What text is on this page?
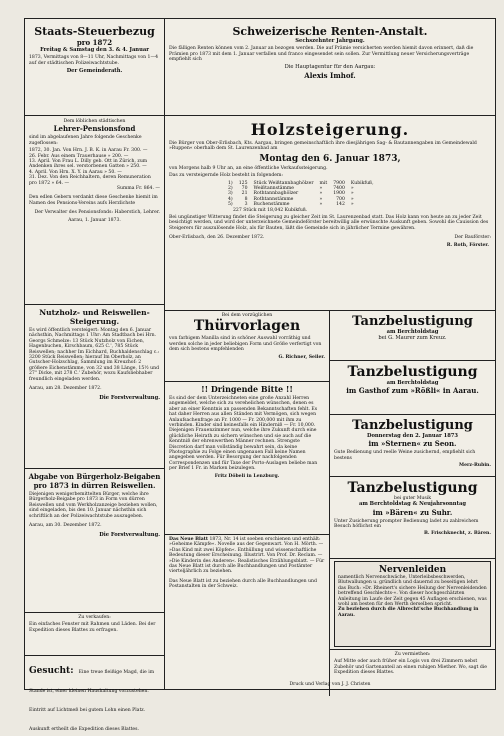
Staats-Steuerbezug
pro 1872
Freitag & Samstag den 3. & 4. Januar
1873, Vermittags von 8—11 Uhr, Nachmittags von 1—4 auf der städtischen Polizeiwachtstube.
Der Gemeinderath.
Dem löblichen städtischen
Lehrer-Pensionsfond
sind im abgelaufenen Jahre folgende Geschenke zugeflossen:
1872, 30. Jan. Von Hrn. J. B. K. in Aarau Fr. 300. —
26. Febr. Aus einem Trauerhause » 200. —
13. April. Von Frau L. Dilly geb. Ott in Zürich, zum Andenken ihres sel. verstorbenen Gatten » 250. —
4. April. Von Hrn. X. Y. in Aarau » 50. —
31. Dez. Von den Reichhaltern, deren Remuneration pro 1872 » 64. —
Summa Fr. 864. —
Den edlen Gebern verdankt diese Geschenke hiemit im Namen des Pensions-Vereins aufs Herzlichste
Der Verwalter des Pensionsfonds: Haberstich, Lehrer.
Aarau, 1. Januar 1873.
Nutzholz- und Reiswellen-Steigerung.
Es wird öffentlich versteigert: Montag den 6. Januar nächsthin, Nachmittags 1 Uhr: Am Stadtbach bei Hrn. Georgs Schmelze: 13 Stück Nutzholz von Eichen, Hagenbuchen, Kirschbaum, 625 C.', 785 Stück Reiswellen; nachher Im Eichhard, Buchhaldenschlag c.: 3200 Stück Reiswellen; hierauf Im Oberholz, an Gutscher-Holzschlag, Sammlung im Kreuzhof: 2 größere Eichenstämme, von 32 und 38 Länge, 15½ und 27" Dicke, mit 278 C.' Zubehör, wozu Kaufsliebhaber freundlich eingeladen werden.
Aarau, am 28. Dezember 1872.
Die Forstverwaltung.
Abgabe von Bürgerholz-Beigaben pro 1873 in dürren Reiswellen.
Diejenigen wenigerbemittelten Bürger, welche ihre Bürgerholz-Beigabe pro 1873 in Form von dürren Reiswellen und vom Werkholzanzeige beziehen wollen, sind eingeladen, bis den 10. Januar nächsthin sich schriftlich an der Polizeiwachtstube auszugeben.
Aarau, am 30. Dezember 1872.
Die Forstverwaltung.
Zu verkaufen:
Ein einfaches Fenster mit Rahmen und Läden. Bei der Expedition dieses Blattes zu erfragen.
Gesucht: Eine treue fleißige Magd, die im Stande ist, einer kleinen Haushaltung vorzustehen. Eintritt auf Lichtmeß bei gutem Lohn einen Platz. Auskunft ertheilt die Expedition dieses Blattes.
Schweizerische Renten-Anstalt.
Sechszehnter Jahrgang.
Die fälligen Renten können vom 2. Januar an bezogen werden. Die auf Prämie versicherten werden hiemit davon erinnert, daß die Prämien pro 1873 mit dem 1. Januar verfallen und franco eingesendet sein sollen. Zur Vermittlung neuer Versicherungsverträge empfiehlt sich
Die Hauptagentur für den Aargau:
Alexis Imhof.
Holzsteigerung.
Die Bürger von Ober-Erlisbach, Kts. Aargau, bringen gemeinschaftlich ihre diesjährigen Sag- & Bautannengaben im Gemeindewald »Ruppen« oberhalb dem St. Laurenzenbad am
Montag den 6. Januar 1873,
von Morgens halb 9 Uhr an, an eine öffentliche Verkaufssteigerung.
Das zu versteigernde Holz besteht in folgendem:
1)	125	Stück Weißtannbaghölzer	mit	7900	Kubikfuß,
2)	70	Weißtannstämme	»	7400	»
3)	21	Rothtannbaghölzer	»	1900	»
4)	8	Rothtannstämme	»	700	»
5)	3	Buchenstämme	»	142	»
227 Stück mit 18,042 Kubikfuß.
Bei ungünstiger Witterung findet die Steigerung zu gleicher Zeit im St. Laurenzenbad statt. Das Holz kann von heute an zu jeder Zeit besichtigt werden, und wird der unterzeichnete Gemeindeförster bereitwillig alle erwünschte Auskunft geben. Sowohl die Cauission des Steigerers für auszulösende Holz, als für Bauten, läßt die Gemeinde sich in jährlicher Termine gewähren.
Ober-Erlisbach, den 26. Dezember 1872.	Der Bauförster:
R. Roth, Förster.
Bei dem vorzüglichen
Thürvorlagen
von farbigem Manilla sind in schöner Auswahl vorräthig und werden solche in jeder beliebigen Form und Größe verfertigt von dem sich bestens empfehlenden
G. Richner, Seiler.
!! Dringende Bitte !!
Es sind der dem Unterzeichneten eine große Anzahl Herren angemeldet, welche sich zu verehelichen wünschen, denen es aber an einer Kenntnis an passenden Bekanntschaften fehlt. Es hat daher Herren aus allen Ständen mit Vermögen, sich wegen Anlaufsachenfrage an Fr. 1000 — Fr. 200,000 mit ihm zu verbinden. Kinder sind keinesfalls ein Hinderniß — Fr. 10,000. Diejenigen Frauenzimmer nun, welche ihre Zukunft durch eine glückliche Heirath zu sichern wünschen und sie auch auf die Kenntniß der ehrenwerthen Männer rechnen. Strengste Discretion darf man vollständig bewahrt sein, da keine Photographie zu Folge einen ungenauen Fall keine Namen angegeben werden. Für Besorgung der nachfolgenden Correspondenzen und für Taxe der Porto-Auslagen beliebe man per Brief 1 Fr. in Marken beizulegen.
Fritz Döbeli in Lenzburg.
Das Neue Blatt 1873, Nr. 14 ist soeben erschienen und enthält: »Geheime Kämpfe«. Novelle aus der Gegenwart. Von H. Mörth. — »Das Kind mit zwei Köpfen«. Enthüllung und wissenschaftliche Bedeutung dieser Erscheinung. Illustrirt. Von Prof. Dr. Reclam. — »Die Kinderin des Anderen«. Realistisches Erzählungsblatt. — Für das Neue Blatt ist durch alle Buchhandlungen und Postämter vierteljährlich zu beziehen.
Das Neue Blatt ist zu beziehen durch alle Buchhandlungen und Postanstalten in der Schweiz.
Tanzbelustigung
am Berchtoldstag
bei G. Maurer zum Kreuz.
Tanzbelustigung
am Berchtoldstag
im Gasthof zum »Rößli« in Aarau.
Tanzbelustigung
Donnerstag den 2. Januar 1873
im »Sternen« zu Seon.
Gute Bedienung und reelle Weine zusichernd, empfiehlt sich bestens
Merz-Rubin.
Tanzbelustigung
bei guter Musik
am Berchtoldstag & Neujahrsonntag
im »Bären« zu Suhr.
Unter Zusicherung prompter Bedienung ladet zu zahlreichem Besuch höflichst ein
B. Frischknecht, z. Bären.
Nervenleiden
namentlich Nervenschwäche, Unterleibsbeschwerden, Blutwallungen u. gründlich und dauernd zu beseitigen lehrt das Buch: »Dr. Rheinert's sichere Heilung der Nervenleidenden betreffend Geschlechts-«. Von dieser hochgeschätzten Anleitung im Laufe der Zeit gegen 45 Auflagen erschienen, was wohl am besten für den Werth derselben spricht.
Zu beziehen durch die Albrecht'sche Buchhandlung in Aarau.
Zu vermiethen:
Auf Mitte oder auch früher ein Logis von drei Zimmern nebst Zubehör und Gartenanteil an einen ruhigen Miether. Wo, sagt die Expedition dieses Blattes.
Druck und Verlag von J. J. Christen
